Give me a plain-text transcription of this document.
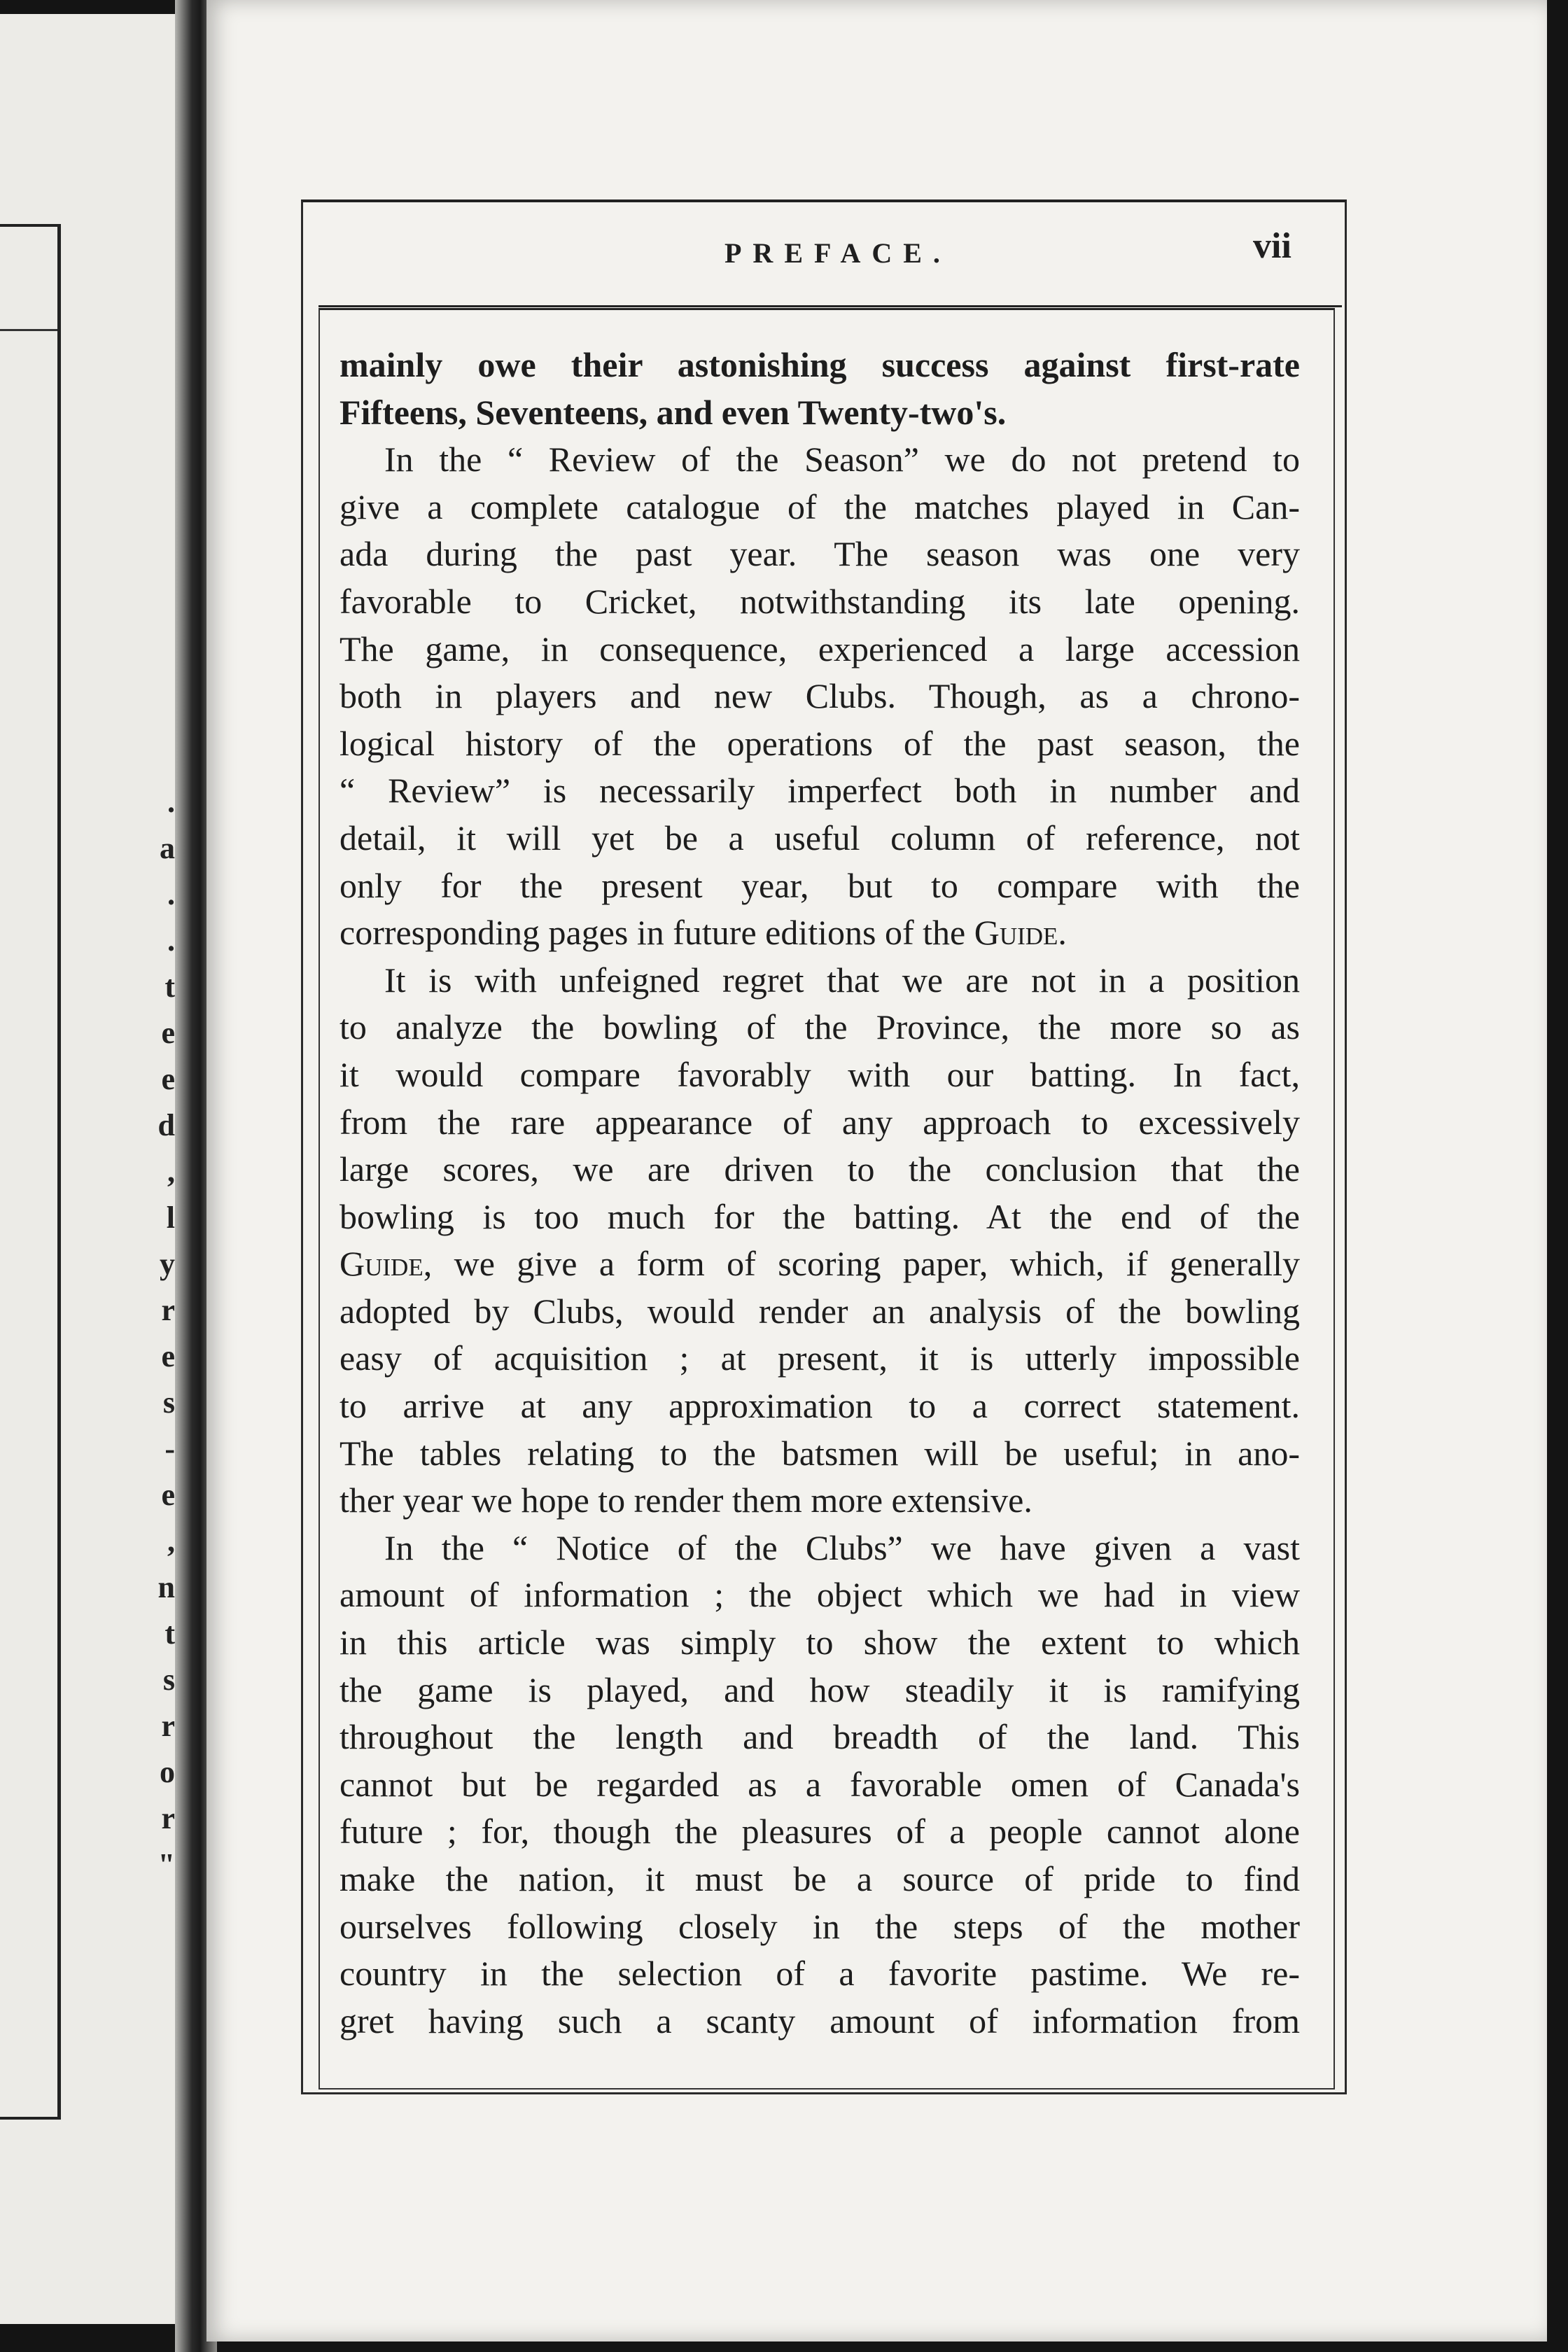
.
a
.
.
t
e
e
d
,
l
y
r
e
s
-
e
,
n
t
s
r
o
r
"
PREFACE.	vii
mainly owe their astonishing success against first-rate
Fifteens, Seventeens, and even Twenty-two's.
In the “ Review of the Season” we do not pretend to
give a complete catalogue of the matches played in Can-
ada during the past year. The season was one very
favorable to Cricket, notwithstanding its late opening.
The game, in consequence, experienced a large accession
both in players and new Clubs. Though, as a chrono-
logical history of the operations of the past season, the
“ Review” is necessarily imperfect both in number and
detail, it will yet be a useful column of reference, not
only for the present year, but to compare with the
corresponding pages in future editions of the Guide.
It is with unfeigned regret that we are not in a position
to analyze the bowling of the Province, the more so as
it would compare favorably with our batting. In fact,
from the rare appearance of any approach to excessively
large scores, we are driven to the conclusion that the
bowling is too much for the batting. At the end of the
Guide, we give a form of scoring paper, which, if generally
adopted by Clubs, would render an analysis of the bowling
easy of acquisition ; at present, it is utterly impossible
to arrive at any approximation to a correct statement.
The tables relating to the batsmen will be useful; in ano-
ther year we hope to render them more extensive.
In the “ Notice of the Clubs” we have given a vast
amount of information ; the object which we had in view
in this article was simply to show the extent to which
the game is played, and how steadily it is ramifying
throughout the length and breadth of the land. This
cannot but be regarded as a favorable omen of Canada's
future ; for, though the pleasures of a people cannot alone
make the nation, it must be a source of pride to find
ourselves following closely in the steps of the mother
country in the selection of a favorite pastime. We re-
gret having such a scanty amount of information from
